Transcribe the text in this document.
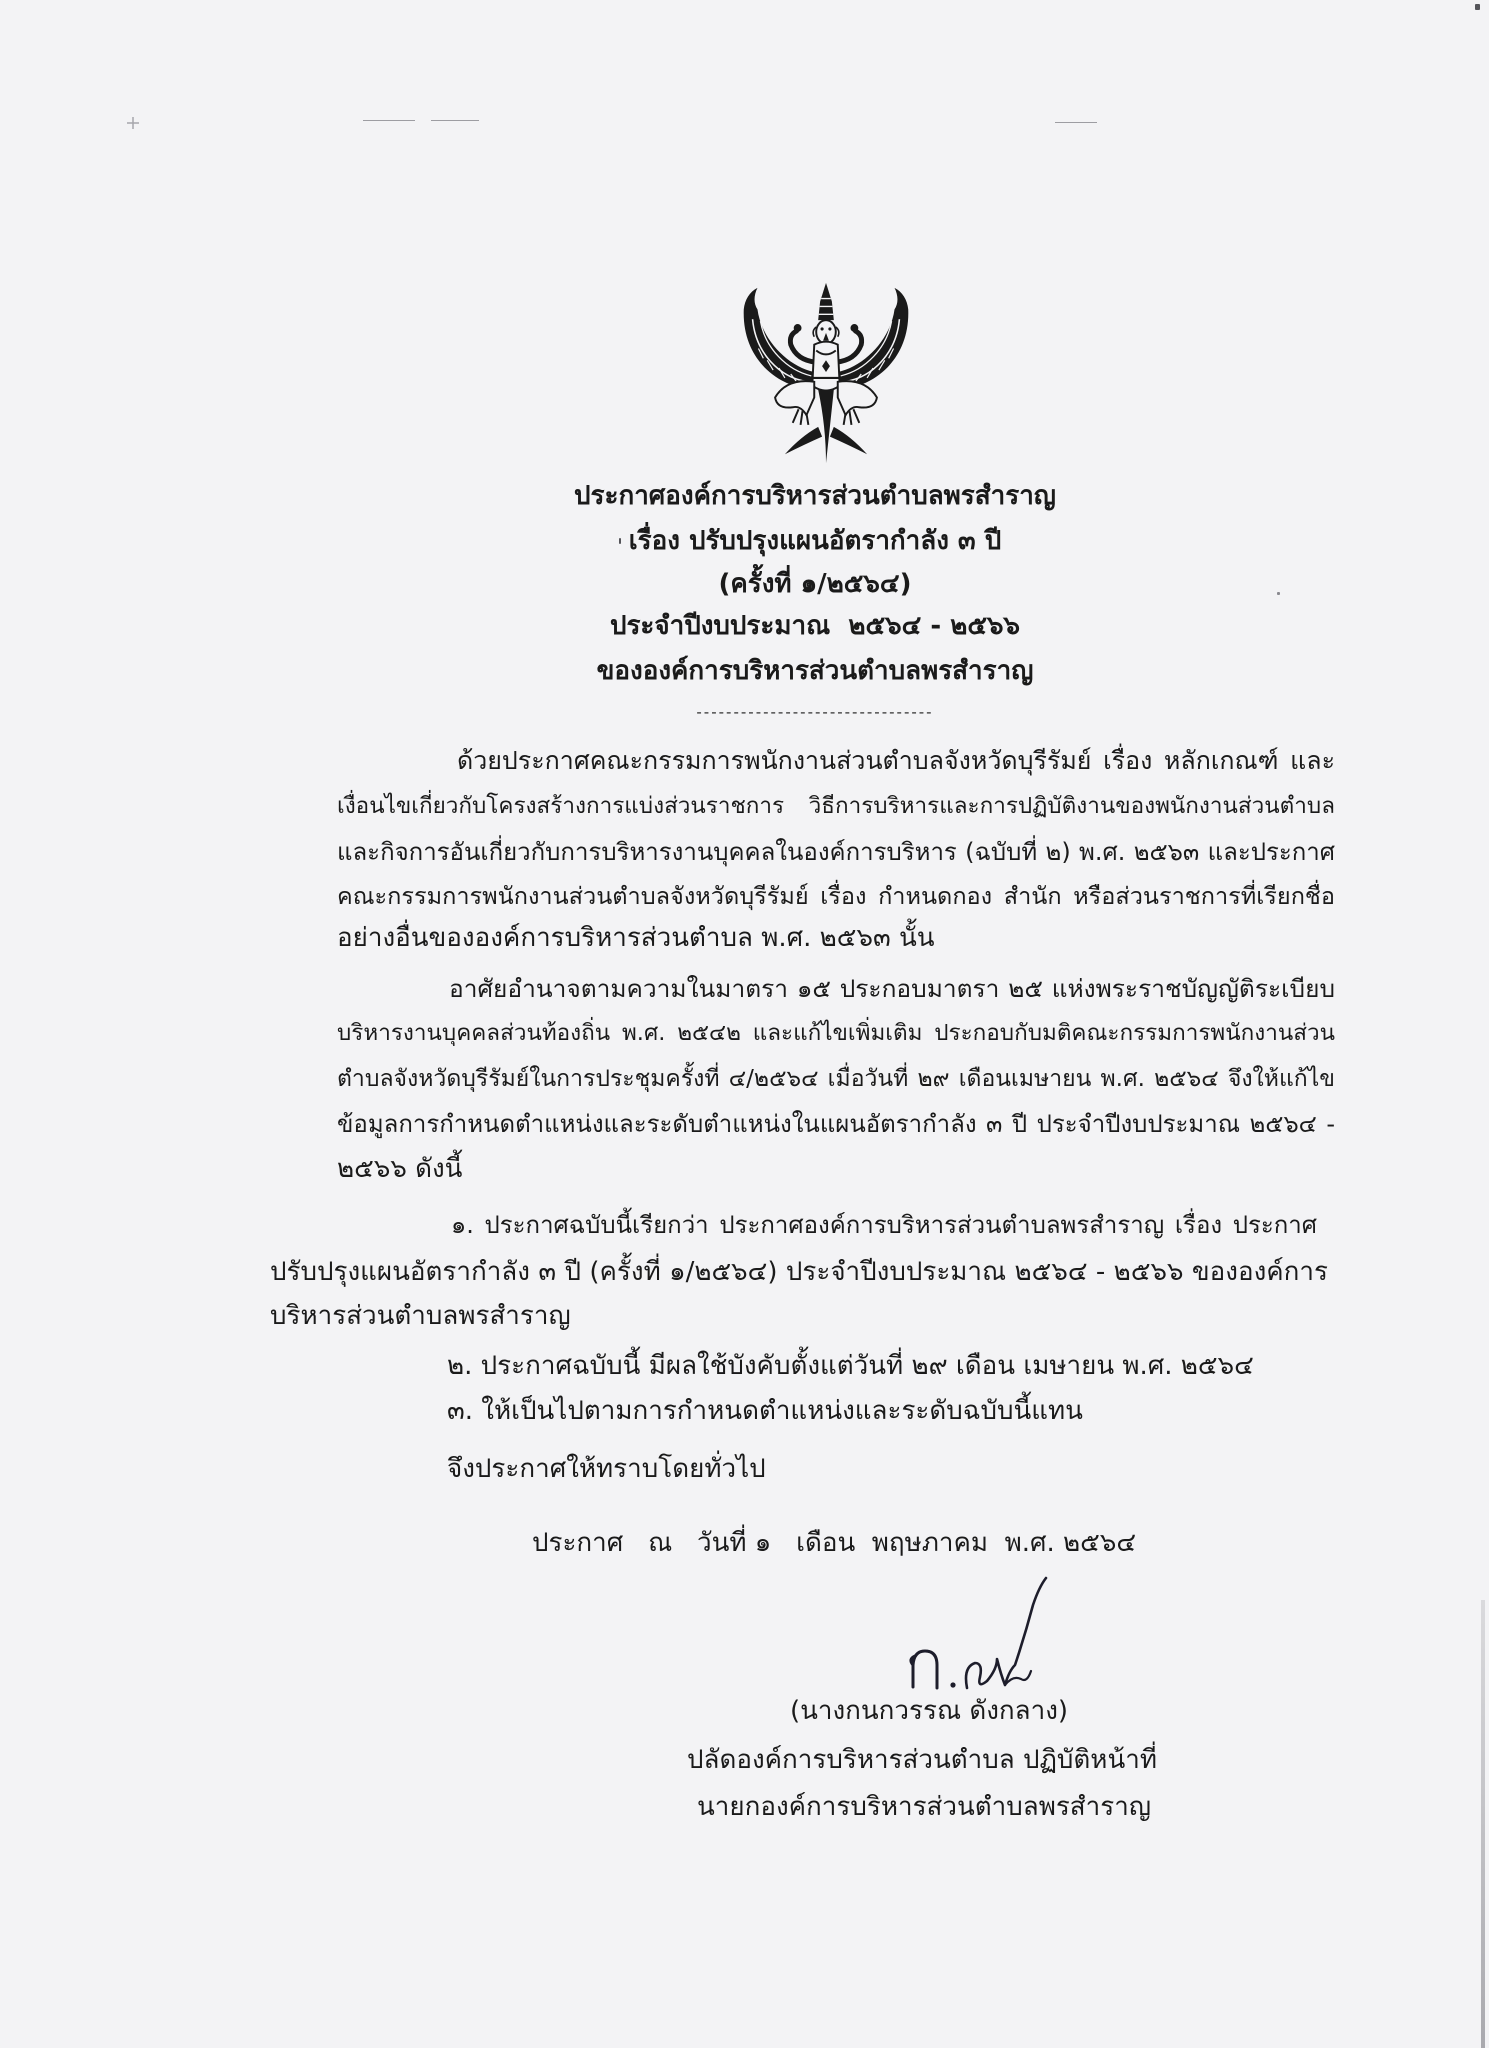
ประกาศองค์การบริหารส่วนตำบลพรสำราญ
เรื่อง ปรับปรุงแผนอัตรากำลัง ๓ ปี
(ครั้งที่ ๑/๒๕๖๔)
ประจำปีงบประมาณ  ๒๕๖๔ - ๒๕๖๖
ขององค์การบริหารส่วนตำบลพรสำราญ
--------------------------------
ด้วยประกาศคณะกรรมการพนักงานส่วนตำบลจังหวัดบุรีรัมย์ เรื่อง หลักเกณฑ์ และ
เงื่อนไขเกี่ยวกับโครงสร้างการแบ่งส่วนราชการ วิธีการบริหารและการปฏิบัติงานของพนักงานส่วนตำบล
และกิจการอันเกี่ยวกับการบริหารงานบุคคลในองค์การบริหาร (ฉบับที่ ๒) พ.ศ. ๒๕๖๓ และประกาศ
คณะกรรมการพนักงานส่วนตำบลจังหวัดบุรีรัมย์ เรื่อง กำหนดกอง สำนัก หรือส่วนราชการที่เรียกชื่อ
อย่างอื่นขององค์การบริหารส่วนตำบล พ.ศ. ๒๕๖๓ นั้น
อาศัยอำนาจตามความในมาตรา ๑๕ ประกอบมาตรา ๒๕ แห่งพระราชบัญญัติระเบียบ
บริหารงานบุคคลส่วนท้องถิ่น พ.ศ. ๒๕๔๒ และแก้ไขเพิ่มเติม ประกอบกับมติคณะกรรมการพนักงานส่วน
ตำบลจังหวัดบุรีรัมย์ในการประชุมครั้งที่ ๔/๒๕๖๔ เมื่อวันที่ ๒๙ เดือนเมษายน พ.ศ. ๒๕๖๔ จึงให้แก้ไข
ข้อมูลการกำหนดตำแหน่งและระดับตำแหน่งในแผนอัตรากำลัง ๓ ปี ประจำปีงบประมาณ ๒๕๖๔ -
๒๕๖๖ ดังนี้
๑. ประกาศฉบับนี้เรียกว่า ประกาศองค์การบริหารส่วนตำบลพรสำราญ เรื่อง ประกาศ
ปรับปรุงแผนอัตรากำลัง ๓ ปี (ครั้งที่ ๑/๒๕๖๔) ประจำปีงบประมาณ ๒๕๖๔ - ๒๕๖๖ ขององค์การ
บริหารส่วนตำบลพรสำราญ
๒. ประกาศฉบับนี้ มีผลใช้บังคับตั้งแต่วันที่ ๒๙ เดือน เมษายน พ.ศ. ๒๕๖๔
๓. ให้เป็นไปตามการกำหนดตำแหน่งและระดับฉบับนี้แทน
จึงประกาศให้ทราบโดยทั่วไป
ประกาศ   ณ   วันที่ ๑   เดือน  พฤษภาคม  พ.ศ. ๒๕๖๔
(นางกนกวรรณ ดังกลาง)
ปลัดองค์การบริหารส่วนตำบล ปฏิบัติหน้าที่
นายกองค์การบริหารส่วนตำบลพรสำราญ
